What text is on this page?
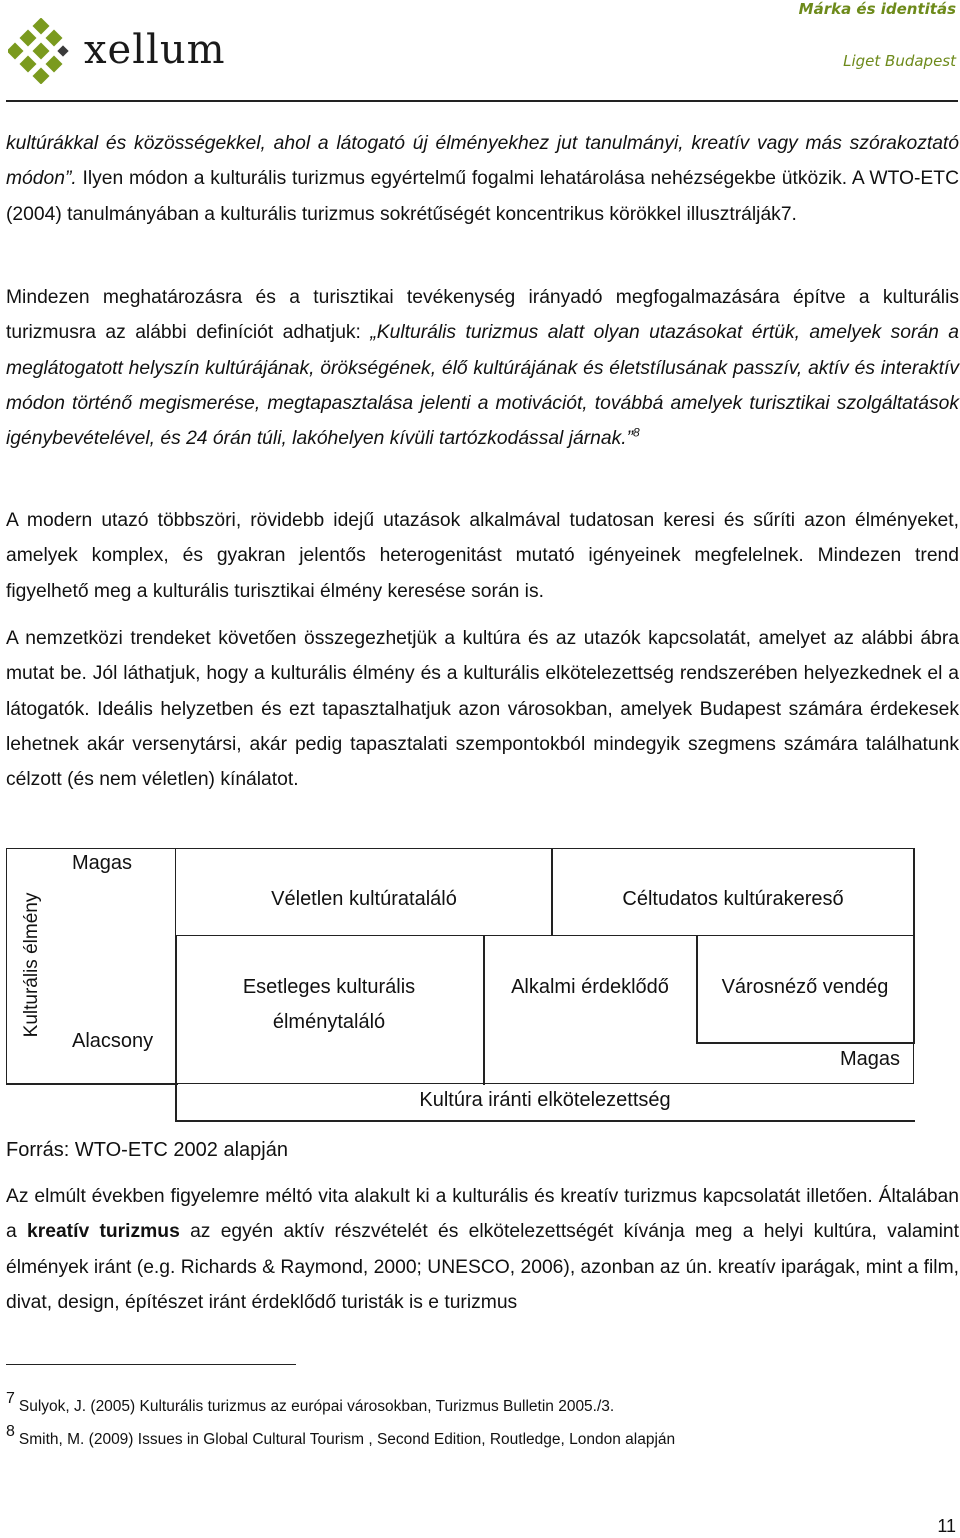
xellum
Márka és identitás
Liget Budapest

kultúrákkal és közösségekkel, ahol a látogató új élményekhez jut tanulmányi, kreatív vagy más szórakoztató módon”. Ilyen módon a kulturális turizmus egyértelmű fogalmi lehatárolása nehézségekbe ütközik. A WTO-ETC (2004) tanulmányában a kulturális turizmus sokrétűségét koncentrikus körökkel illusztrálják7.

Mindezen meghatározásra és a turisztikai tevékenység irányadó megfogalmazására építve a kulturális turizmusra az alábbi definíciót adhatjuk: „Kulturális turizmus alatt olyan utazásokat értük, amelyek során a meglátogatott helyszín kultúrájának, örökségének, élő kultúrájának és életstílusának passzív, aktív és interaktív módon történő megismerése, megtapasztalása jelenti a motivációt, továbbá amelyek turisztikai szolgáltatások igénybevételével, és 24 órán túli, lakóhelyen kívüli tartózkodással járnak.”$^8$

A modern utazó többszöri, rövidebb idejű utazások alkalmával tudatosan keresi és sűríti azon élményeket, amelyek komplex, és gyakran jelentős heterogenitást mutató igényeinek megfelelnek. Mindezen trend figyelhető meg a kulturális turisztikai élmény keresése során is.

A nemzetközi trendeket követően összegezhetjük a kultúra és az utazók kapcsolatát, amelyet az alábbi ábra mutat be. Jól láthatjuk, hogy a kulturális élmény és a kulturális elkötelezettség rendszerében helyezkednek el a látogatók. Ideális helyzetben és ezt tapasztalhatjuk azon városokban, amelyek Budapest számára érdekesek lehetnek akár versenytársi, akár pedig tapasztalati szempontokból mindegyik szegmens számára találhatunk célzott (és nem véletlen) kínálatot.

Kulturális élmény
Magas
Alacsony
Véletlen kultúrataláló	Céltudatos kultúrakereső
Esetleges kulturális élménytaláló
Alkalmi érdeklődő	Városnéző vendég
Magas
Kultúra iránti elkötelezettség
Forrás: WTO-ETC 2002 alapján

Az elmúlt években figyelemre méltó vita alakult ki a kulturális és kreatív turizmus kapcsolatát illetően. Általában a kreatív turizmus az egyén aktív részvételét és elkötelezettségét kívánja meg a helyi kultúra, valamint élmények iránt (e.g. Richards & Raymond, 2000; UNESCO, 2006), azonban az ún. kreatív iparágak, mint a film, divat, design, építészet iránt érdeklődő turisták is e turizmus

7 Sulyok, J. (2005) Kulturális turizmus az európai városokban, Turizmus Bulletin 2005./3.
8 Smith, M. (2009) Issues in Global Cultural Tourism , Second Edition, Routledge, London alapján
11
